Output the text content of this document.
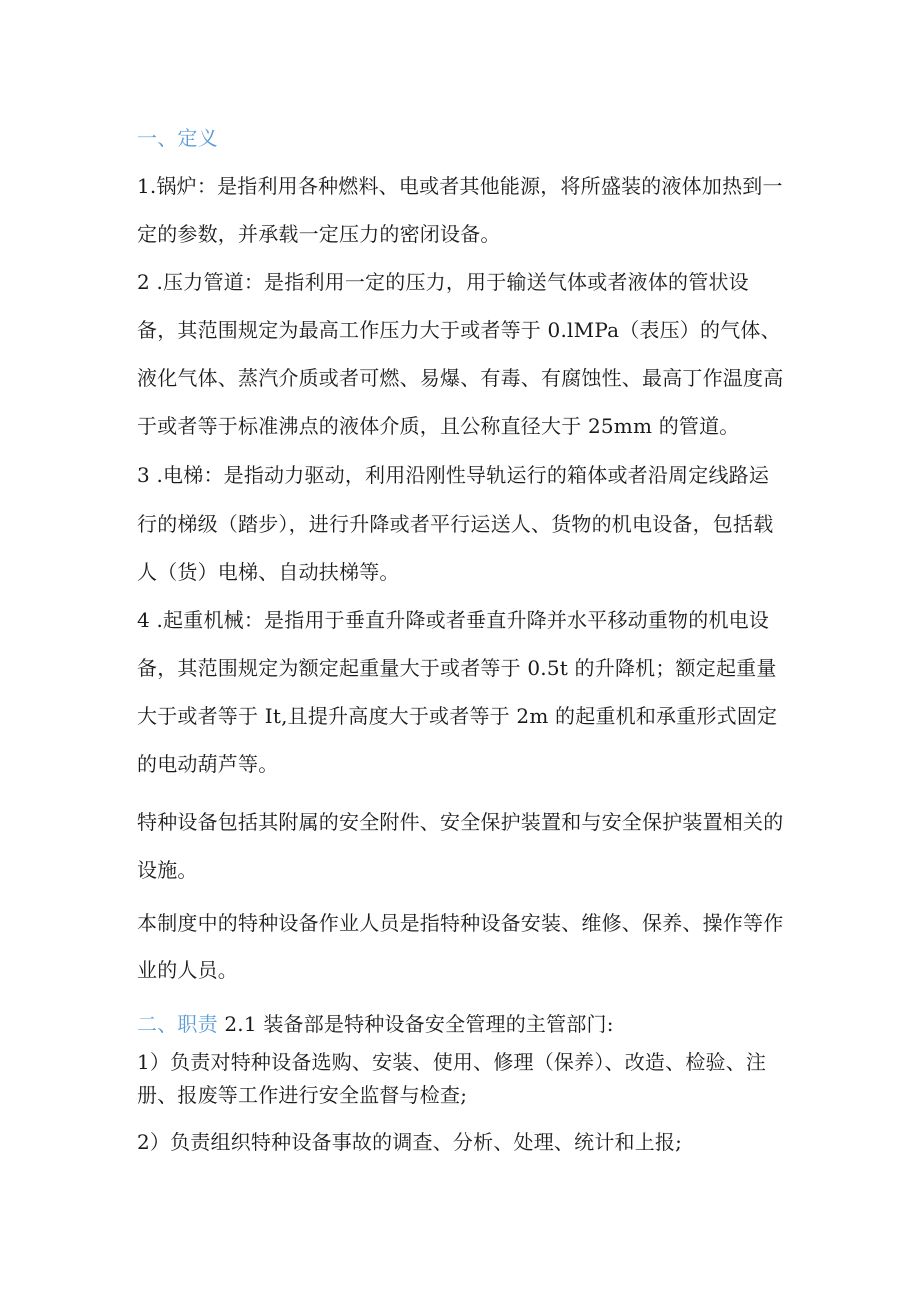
一、定义
1.锅炉：是指利用各种燃料、电或者其他能源，将所盛装的液体加热到一
定的参数，并承载一定压力的密闭设备。
2 .压力管道：是指利用一定的压力，用于输送气体或者液体的管状设
备，其范围规定为最高工作压力大于或者等于 0.lMPa（表压）的气体、
液化气体、蒸汽介质或者可燃、易爆、有毒、有腐蚀性、最高丁作温度高
于或者等于标准沸点的液体介质，且公称直径大于 25mm 的管道。
3 .电梯：是指动力驱动，利用沿刚性导轨运行的箱体或者沿周定线路运
行的梯级（踏步），进行升降或者平行运送人、货物的机电设备，包括载
人（货）电梯、自动扶梯等。
4 .起重机械：是指用于垂直升降或者垂直升降并水平移动重物的机电设
备，其范围规定为额定起重量大于或者等于 0.5t 的升降机；额定起重量
大于或者等于 It,且提升高度大于或者等于 2m 的起重机和承重形式固定
的电动葫芦等。
特种设备包括其附属的安全附件、安全保护装置和与安全保护装置相关的
设施。
本制度中的特种设备作业人员是指特种设备安装、维修、保养、操作等作
业的人员。
二、职责 2.1 装备部是特种设备安全管理的主管部门:
1）负责对特种设备选购、安装、使用、修理（保养）、改造、检验、注
册、报废等工作进行安全监督与检查;
2）负责组织特种设备事故的调查、分析、处理、统计和上报;
